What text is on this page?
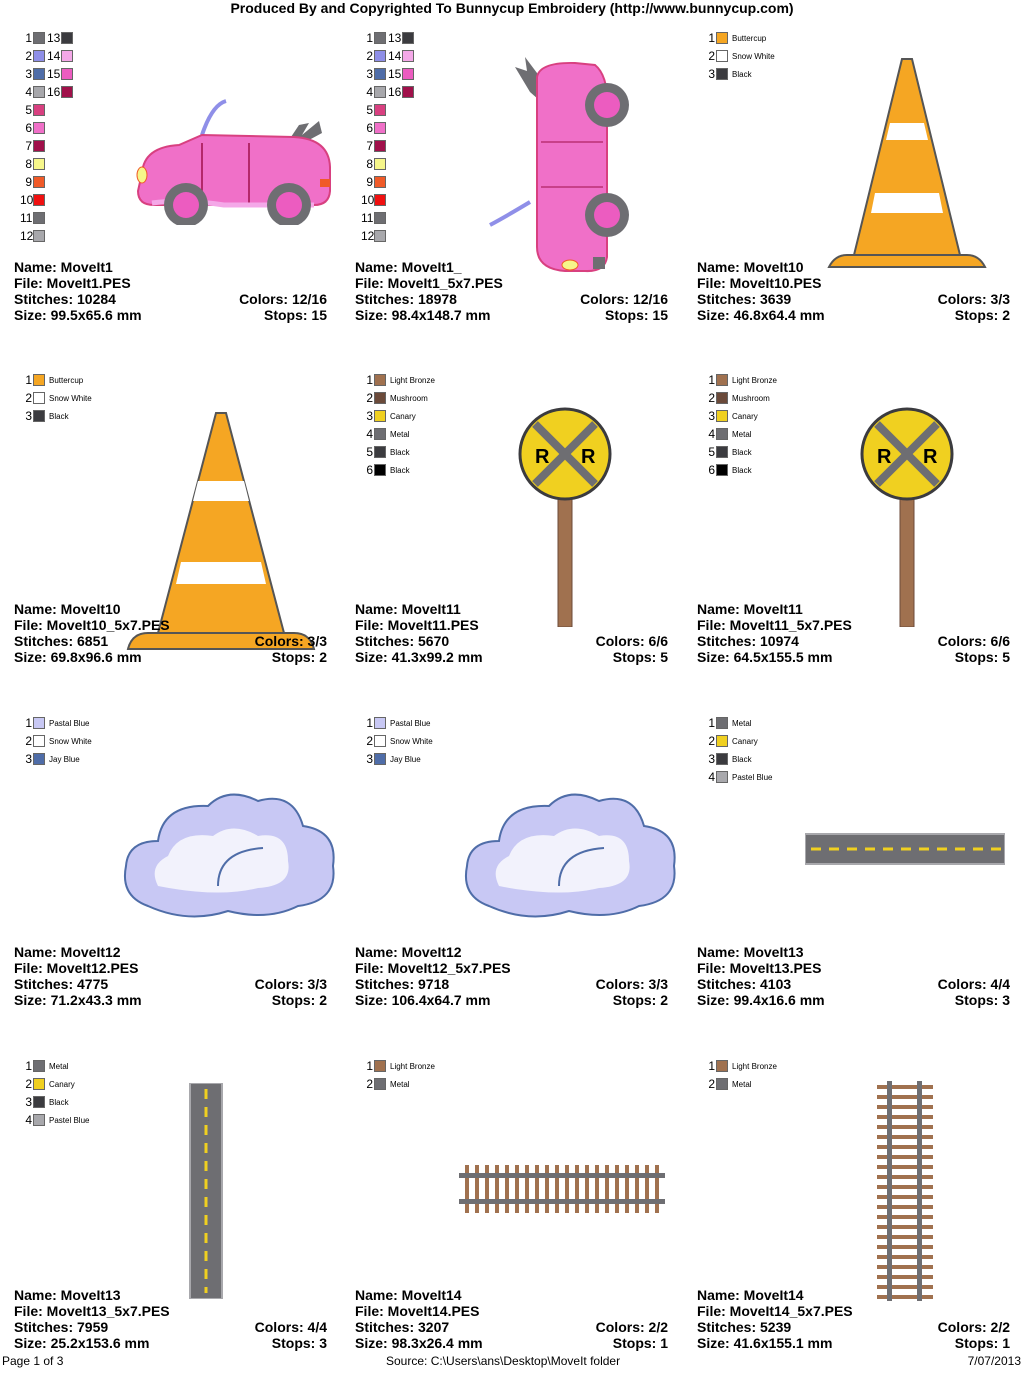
Produced By and Copyrighted To Bunnycup Embroidery (http://www.bunnycup.com)
1 13
2 14
3 15
4 16
5
6
7
8
9
10
11
12
Name: MoveIt1
File: MoveIt1.PES
Stitches: 10284	Colors: 12/16
Size: 99.5x65.6 mm	Stops: 15
1 13
2 14
3 15
4 16
5
6
7
8
9
10
11
12
Name: MoveIt1_
File: MoveIt1_5x7.PES
Stitches: 18978	Colors: 12/16
Size: 98.4x148.7 mm	Stops: 15
1 Buttercup
2 Snow White
3 Black
Name: MoveIt10
File: MoveIt10.PES
Stitches: 3639	Colors: 3/3
Size: 46.8x64.4 mm	Stops: 2
1 Buttercup
2 Snow White
3 Black
Name: MoveIt10
File: MoveIt10_5x7.PES
Stitches: 6851	Colors: 3/3
Size: 69.8x96.6 mm	Stops: 2
1 Light Bronze
2 Mushroom
3 Canary
4 Metal
5 Black
6 Black
R R
Name: MoveIt11
File: MoveIt11.PES
Stitches: 5670	Colors: 6/6
Size: 41.3x99.2 mm	Stops: 5
1 Light Bronze
2 Mushroom
3 Canary
4 Metal
5 Black
6 Black
R R
Name: MoveIt11
File: MoveIt11_5x7.PES
Stitches: 10974	Colors: 6/6
Size: 64.5x155.5 mm	Stops: 5
1 Pastal Blue
2 Snow White
3 Jay Blue
Name: MoveIt12
File: MoveIt12.PES
Stitches: 4775	Colors: 3/3
Size: 71.2x43.3 mm	Stops: 2
1 Pastal Blue
2 Snow White
3 Jay Blue
Name: MoveIt12
File: MoveIt12_5x7.PES
Stitches: 9718	Colors: 3/3
Size: 106.4x64.7 mm	Stops: 2
1 Metal
2 Canary
3 Black
4 Pastel Blue
Name: MoveIt13
File: MoveIt13.PES
Stitches: 4103	Colors: 4/4
Size: 99.4x16.6 mm	Stops: 3
1 Metal
2 Canary
3 Black
4 Pastel Blue
Name: MoveIt13
File: MoveIt13_5x7.PES
Stitches: 7959	Colors: 4/4
Size: 25.2x153.6 mm	Stops: 3
1 Light Bronze
2 Metal
Name: MoveIt14
File: MoveIt14.PES
Stitches: 3207	Colors: 2/2
Size: 98.3x26.4 mm	Stops: 1
1 Light Bronze
2 Metal
Name: MoveIt14
File: MoveIt14_5x7.PES
Stitches: 5239	Colors: 2/2
Size: 41.6x155.1 mm	Stops: 1
Page 1 of 3	Source: C:\Users\ans\Desktop\MoveIt folder	7/07/2013
